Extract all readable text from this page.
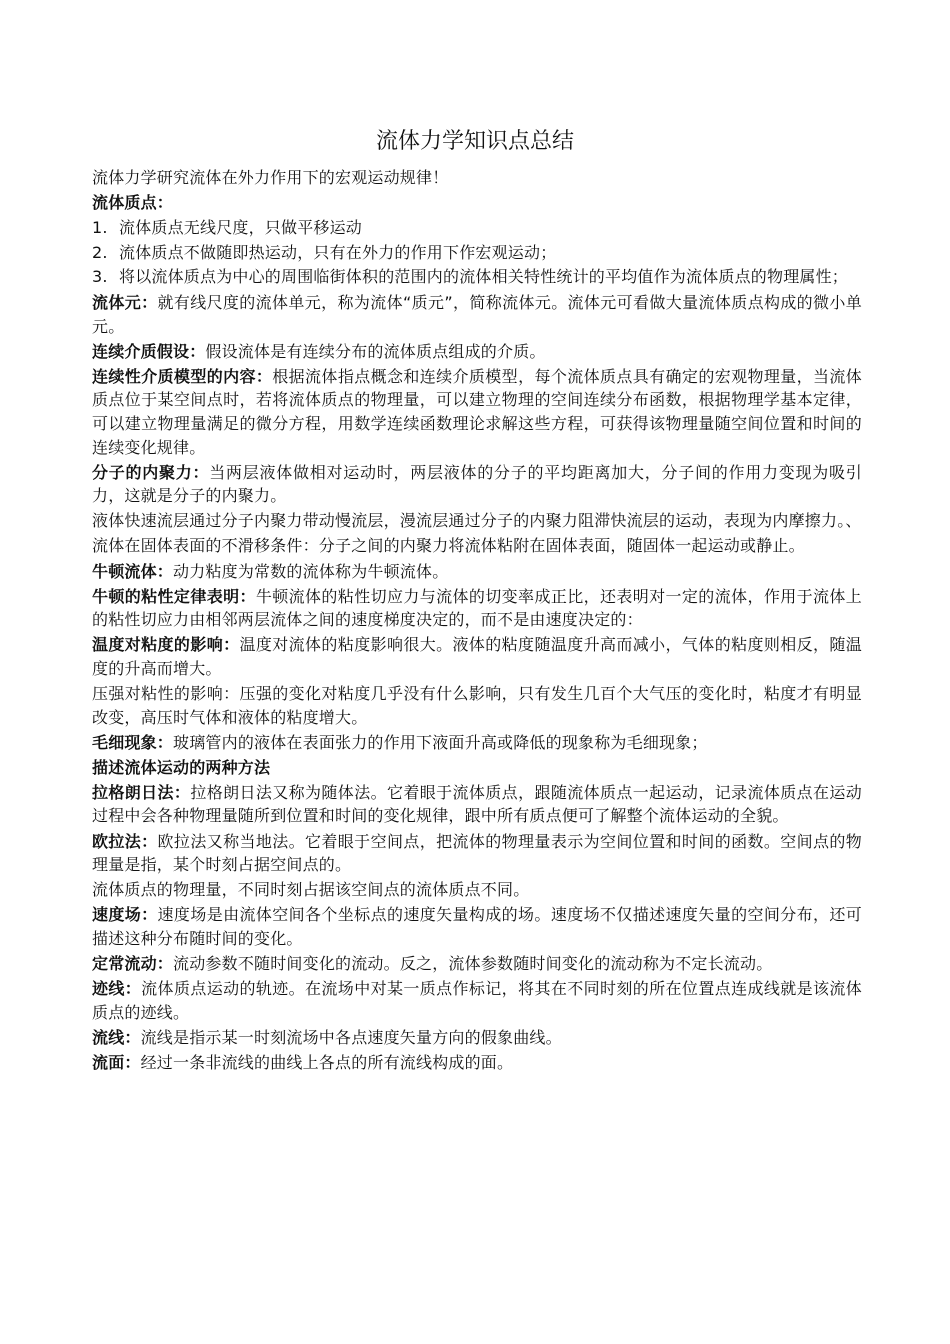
流体力学知识点总结

流体力学研究流体在外力作用下的宏观运动规律！

流体质点：

1. 流体质点无线尺度，只做平移运动
2. 流体质点不做随即热运动，只有在外力的作用下作宏观运动；
3. 将以流体质点为中心的周围临街体积的范围内的流体相关特性统计的平均值作为流体质点的物理属性；

流体元：就有线尺度的流体单元，称为流体“质元”，简称流体元。流体元可看做大量流体质点构成的微小单元。

连续介质假设：假设流体是有连续分布的流体质点组成的介质。

连续性介质模型的内容：根据流体指点概念和连续介质模型，每个流体质点具有确定的宏观物理量，当流体质点位于某空间点时，若将流体质点的物理量，可以建立物理的空间连续分布函数，根据物理学基本定律，可以建立物理量满足的微分方程，用数学连续函数理论求解这些方程，可获得该物理量随空间位置和时间的连续变化规律。

分子的内聚力：当两层液体做相对运动时，两层液体的分子的平均距离加大，分子间的作用力变现为吸引力，这就是分子的内聚力。

液体快速流层通过分子内聚力带动慢流层，漫流层通过分子的内聚力阻滞快流层的运动，表现为内摩擦力。、

流体在固体表面的不滑移条件：分子之间的内聚力将流体粘附在固体表面，随固体一起运动或静止。

牛顿流体：动力粘度为常数的流体称为牛顿流体。

牛顿的粘性定律表明：牛顿流体的粘性切应力与流体的切变率成正比，还表明对一定的流体，作用于流体上的粘性切应力由相邻两层流体之间的速度梯度决定的，而不是由速度决定的：

温度对粘度的影响：温度对流体的粘度影响很大。液体的粘度随温度升高而减小，气体的粘度则相反，随温度的升高而增大。

压强对粘性的影响：压强的变化对粘度几乎没有什么影响，只有发生几百个大气压的变化时，粘度才有明显改变，高压时气体和液体的粘度增大。

毛细现象：玻璃管内的液体在表面张力的作用下液面升高或降低的现象称为毛细现象；

描述流体运动的两种方法

拉格朗日法：拉格朗日法又称为随体法。它着眼于流体质点，跟随流体质点一起运动，记录流体质点在运动过程中会各种物理量随所到位置和时间的变化规律，跟中所有质点便可了解整个流体运动的全貌。

欧拉法：欧拉法又称当地法。它着眼于空间点，把流体的物理量表示为空间位置和时间的函数。空间点的物理量是指，某个时刻占据空间点的。

流体质点的物理量，不同时刻占据该空间点的流体质点不同。

速度场：速度场是由流体空间各个坐标点的速度矢量构成的场。速度场不仅描述速度矢量的空间分布，还可描述这种分布随时间的变化。

定常流动：流动参数不随时间变化的流动。反之，流体参数随时间变化的流动称为不定长流动。

迹线：流体质点运动的轨迹。在流场中对某一质点作标记，将其在不同时刻的所在位置点连成线就是该流体质点的迹线。

流线：流线是指示某一时刻流场中各点速度矢量方向的假象曲线。

流面：经过一条非流线的曲线上各点的所有流线构成的面。
